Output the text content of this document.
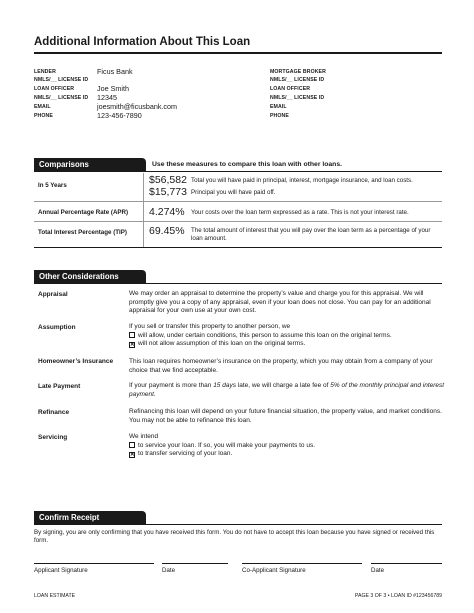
Additional Information About This Loan
LENDER	Ficus Bank
NMLS/__ LICENSE ID
LOAN OFFICER	Joe Smith
NMLS/__ LICENSE ID 12345
EMAIL	joesmith@ficusbank.com
PHONE	123-456-7890
MORTGAGE BROKER
NMLS/__ LICENSE ID
LOAN OFFICER
NMLS/__ LICENSE ID
EMAIL
PHONE
Comparisons	Use these measures to compare this loan with other loans.
In 5 Years	$56,582 Total you will have paid in principal, interest, mortgage insurance, and loan costs.
$15,773 Principal you will have paid off.
Annual Percentage Rate (APR) 4.274% Your costs over the loan term expressed as a rate. This is not your interest rate.
Total Interest Percentage (TIP) 69.45% The total amount of interest that you will pay over the loan term as a percentage of your loan amount.
Other Considerations
Appraisal	We may order an appraisal to determine the property’s value and charge you for this appraisal. We will promptly give you a copy of any appraisal, even if your loan does not close. You can pay for an additional appraisal for your own use at your own cost.
Assumption	If you sell or transfer this property to another person, we
will allow, under certain conditions, this person to assume this loan on the original terms.
✕ will not allow assumption of this loan on the original terms.
Homeowner’s Insurance	This loan requires homeowner’s insurance on the property, which you may obtain from a company of your choice that we find acceptable.
Late Payment	If your payment is more than 15 days late, we will charge a late fee of 5% of the monthly principal and interest payment.
Refinance	Refinancing this loan will depend on your future financial situation, the property value, and market conditions. You may not be able to refinance this loan.
Servicing	We intend
to service your loan. If so, you will make your payments to us.
✕ to transfer servicing of your loan.
Confirm Receipt
By signing, you are only confirming that you have received this form. You do not have to accept this loan because you have signed or received this form.
Applicant Signature	Date	Co-Applicant Signature	Date
LOAN ESTIMATE	PAGE 3 OF 3 • LOAN ID #123456789
